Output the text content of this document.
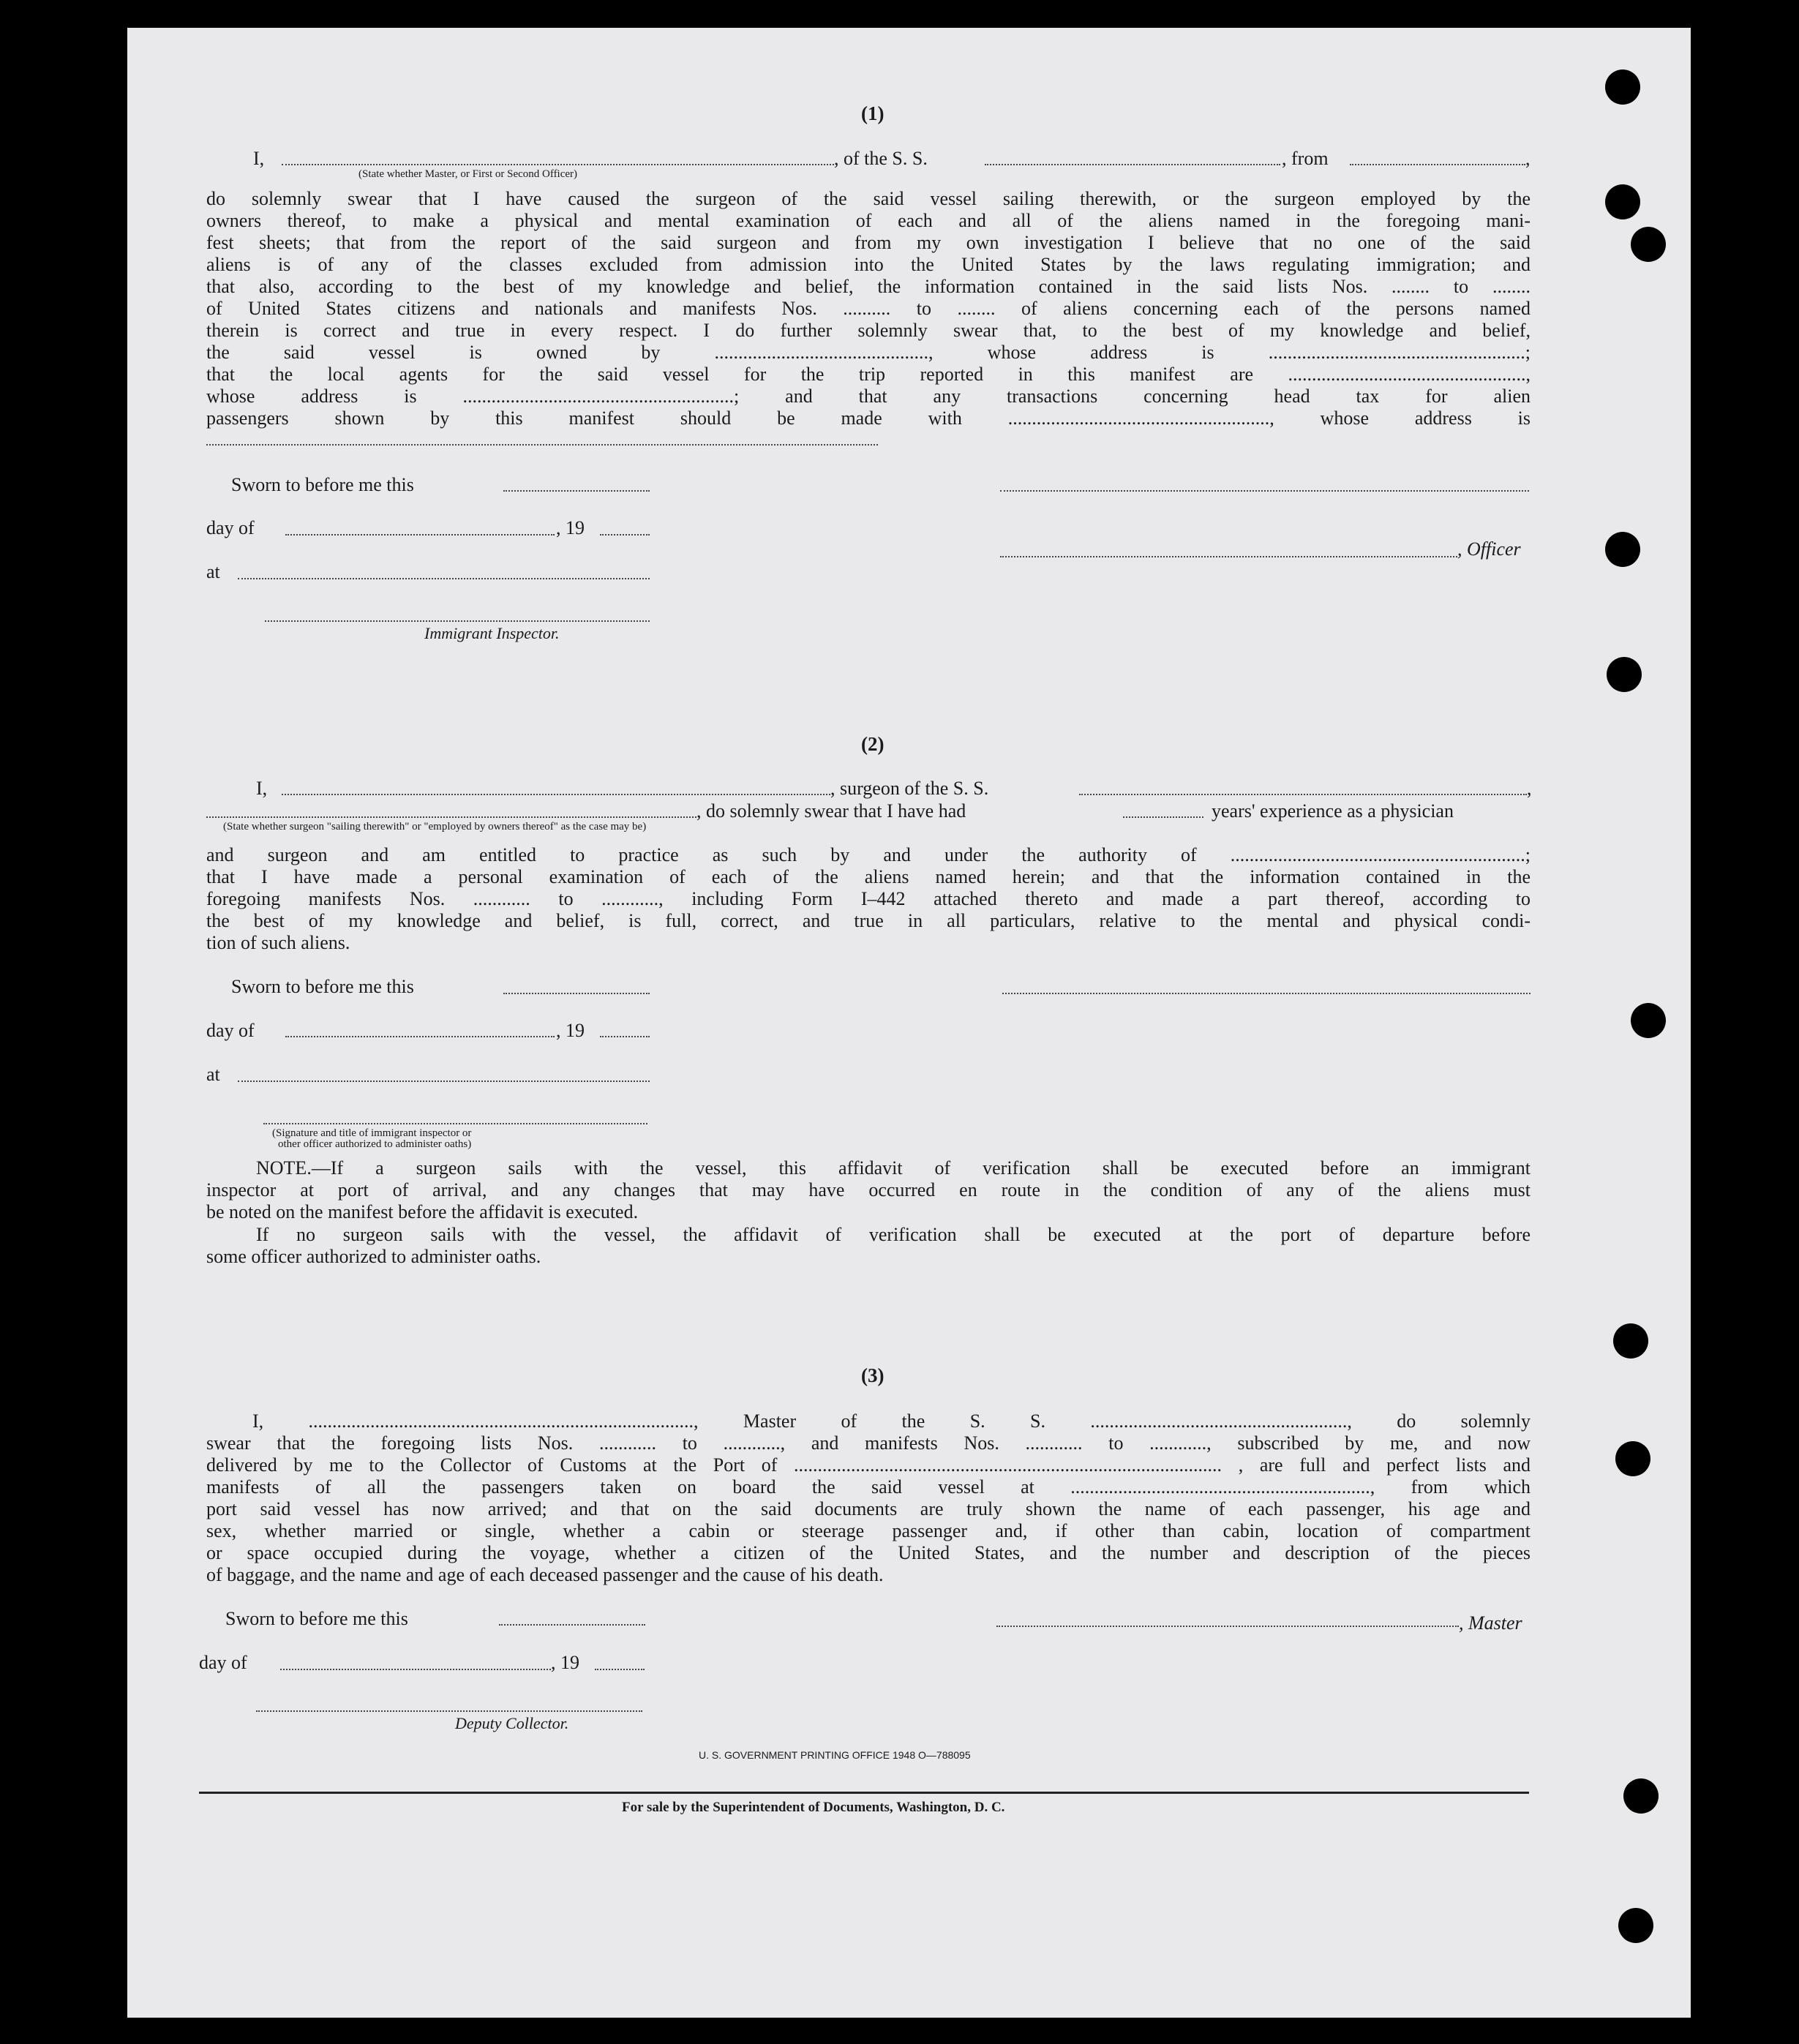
(1)
I,	, of the S. S.	, from	,
(State whether Master, or First or Second Officer)
do solemnly swear that I have caused the surgeon of the said vessel sailing therewith, or the surgeon employed by the
owners thereof, to make a physical and mental examination of each and all of the aliens named in the foregoing mani-
fest sheets; that from the report of the said surgeon and from my own investigation I believe that no one of the said
aliens is of any of the classes excluded from admission into the United States by the laws regulating immigration; and
that also, according to the best of my knowledge and belief, the information contained in the said lists Nos. ........ to ........
of United States citizens and nationals and manifests Nos. .......... to ........ of aliens concerning each of the persons named
therein is correct and true in every respect. I do further solemnly swear that, to the best of my knowledge and belief,
the said vessel is owned by ............................................., whose address is ......................................................;
that the local agents for the said vessel for the trip reported in this manifest are ..................................................,
whose address is .........................................................; and that any transactions concerning head tax for alien
passengers shown by this manifest should be made with ......................................................., whose address is
Sworn to before me this
day of	, 19
, Officer
at
Immigrant Inspector.
(2)
I,	, surgeon of the S. S.	,
, do solemnly swear that I have had	years' experience as a physician
(State whether surgeon "sailing therewith" or "employed by owners thereof" as the case may be)
and surgeon and am entitled to practice as such by and under the authority of ..............................................................;
that I have made a personal examination of each of the aliens named herein; and that the information contained in the
foregoing manifests Nos. ............ to ............, including Form I–442 attached thereto and made a part thereof, according to
the best of my knowledge and belief, is full, correct, and true in all particulars, relative to the mental and physical condi-
tion of such aliens.
Sworn to before me this
day of	, 19
at
(Signature and title of immigrant inspector or
other officer authorized to administer oaths)
NOTE.—If a surgeon sails with the vessel, this affidavit of verification shall be executed before an immigrant
inspector at port of arrival, and any changes that may have occurred en route in the condition of any of the aliens must
be noted on the manifest before the affidavit is executed.
If no surgeon sails with the vessel, the affidavit of verification shall be executed at the port of departure before
some officer authorized to administer oaths.
(3)
I, ................................................................................., Master of the S. S. ......................................................, do solemnly
swear that the foregoing lists Nos. ............ to ............, and manifests Nos. ............ to ............, subscribed by me, and now
delivered by me to the Collector of Customs at the Port of .......................................................................................... , are full and perfect lists and
manifests of all the passengers taken on board the said vessel at ..............................................................., from which
port said vessel has now arrived; and that on the said documents are truly shown the name of each passenger, his age and
sex, whether married or single, whether a cabin or steerage passenger and, if other than cabin, location of compartment
or space occupied during the voyage, whether a citizen of the United States, and the number and description of the pieces
of baggage, and the name and age of each deceased passenger and the cause of his death.
Sworn to before me this	, Master
day of	, 19
Deputy Collector.
U. S. GOVERNMENT PRINTING OFFICE 1948 O—788095
For sale by the Superintendent of Documents, Washington, D. C.
